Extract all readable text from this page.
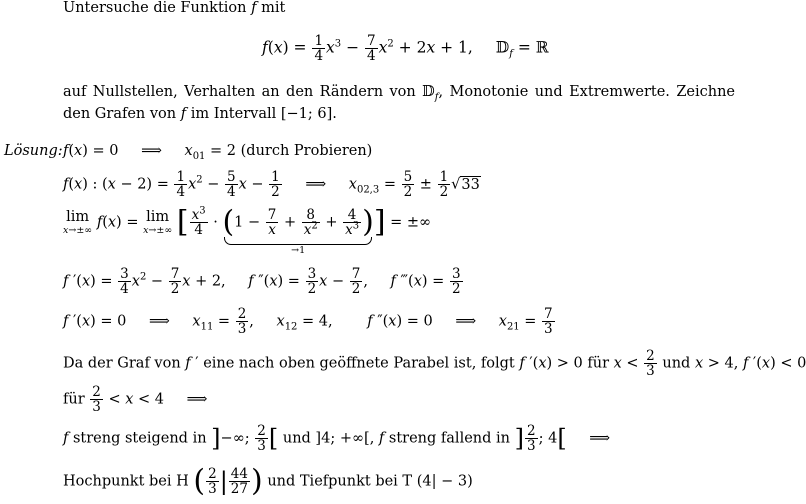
Untersuche die Funktion f mit
$f(x) = \frac{1}{4} x^3 - \frac{7}{4} x^2 + 2x + 1$, 𝔻$_f$ = ℝ
auf Nullstellen, Verhalten an den Rändern von 𝔻$_f$, Monotonie und Extremwerte. Zeichne den Grafen von f im Intervall [−1; 6].
Lösung: f(x) = 0 ⟹ $x_{01} = 2$ (durch Probieren)
f(x) : $(x - 2) = \frac{1}{4} x^2 - \frac{5}{4}$ $x - \frac{1}{2}$ ⟹ $x_{02,3} = \frac{5}{2} \pm \frac{1}{2} √33$
lim
x→±∞ f(x) = lim
x→±∞ [ $\frac{x^3}{4} \cdot (1 - \frac{7}{x} + \frac{8}{x^2} + \frac{4}{x^3}$ )
→1
] = ±∞
f $'(x) = \frac{3}{4} x^2 - \frac{7}{2}$ x + 2, f $''(x) = \frac{3}{2}$ $x - \frac{7}{2}$ , f ‴(x) = $\frac{3}{2}$
f ′(x) = 0 ⟹ $x_{11} = \frac{2}{3}$ , $x_{12} = 4$, f ″(x) = 0 ⟹ $x_{21} = \frac{7}{3}$
Da der Graf von f ′ eine nach oben geöffnete Parabel ist, folgt f ′(x) > 0 für $x < \frac{2}{3}$ und x > 4, f ′(x) < 0
für $\frac{2}{3} < x < 4$ ⟹
f streng steigend in ]−∞; $\frac{2}{3}$ [ und ]4; +∞[, f streng fallend in ] $\frac{2}{3}$ ; 4[ ⟹
Hochpunkt bei H ( $\frac{2}{3}$ | $\frac{44}{27}$ ) und Tiefpunkt bei T (4| − 3)
